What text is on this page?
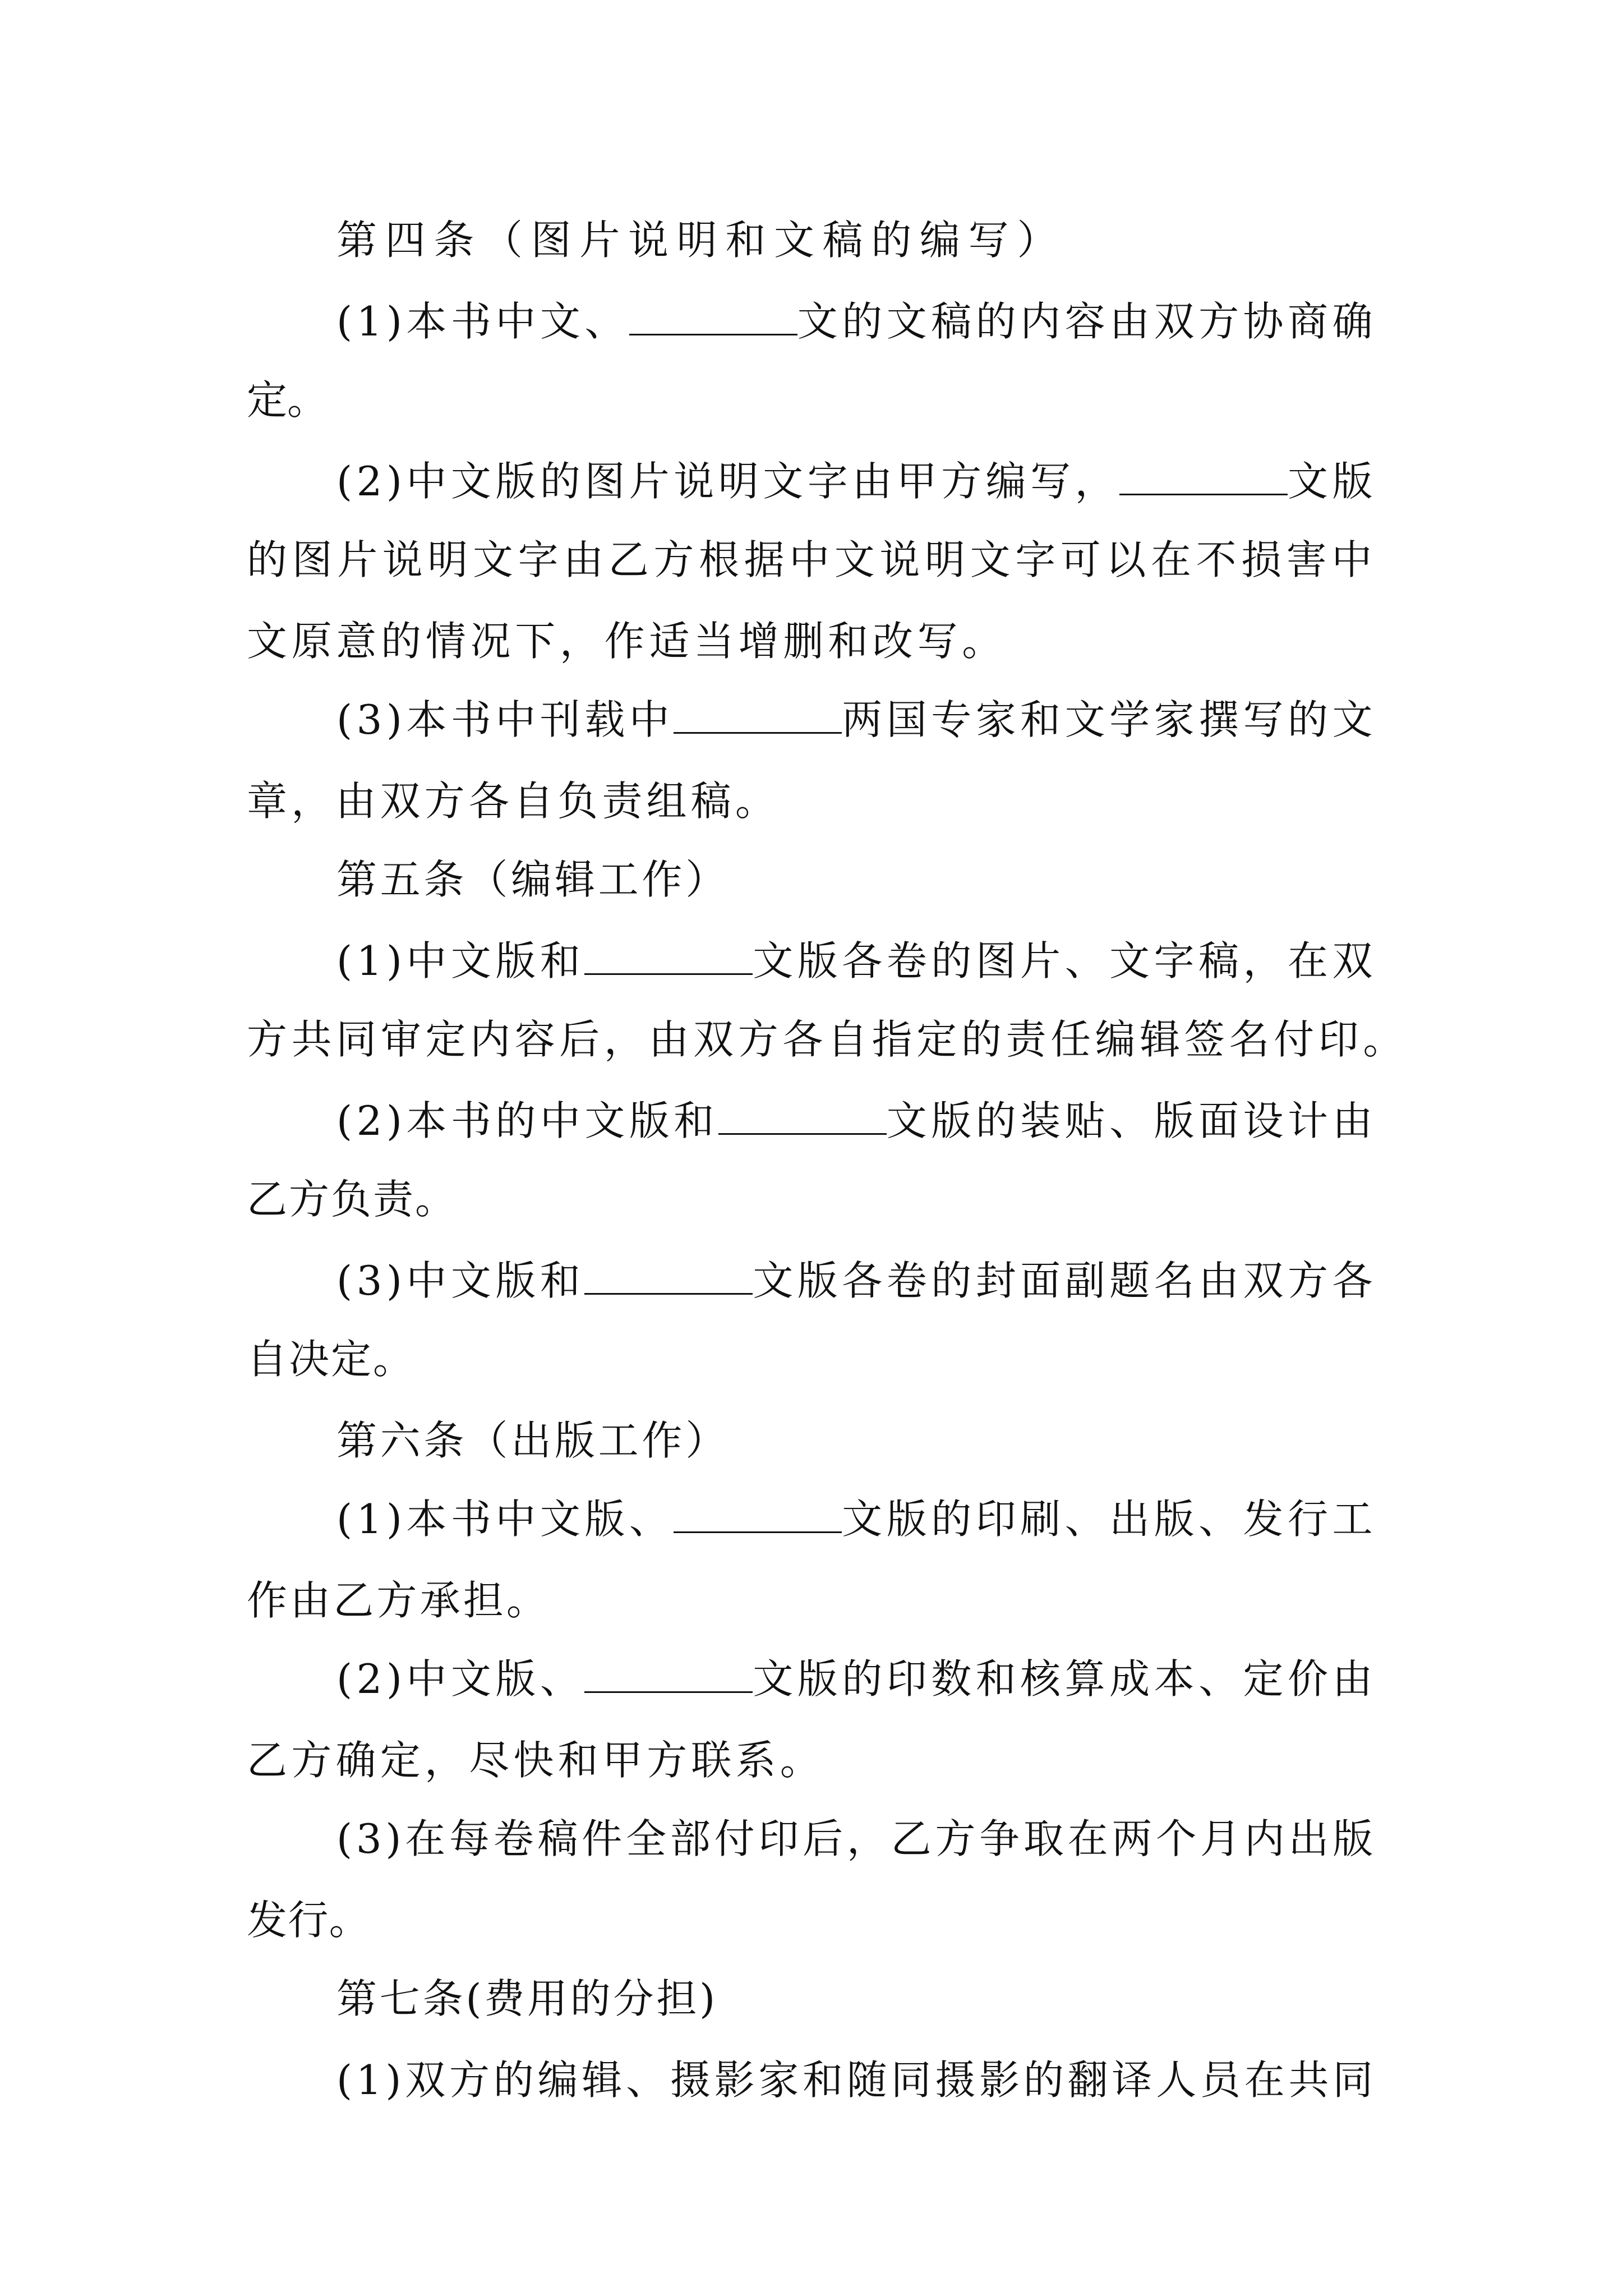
第四条（图片说明和文稿的编写）
(1)本书中文、	文的文稿的内容由双方协商确
定。
(2)中文版的图片说明文字由甲方编写，	文版
的图片说明文字由乙方根据中文说明文字可以在不损害中
文原意的情况下，作适当增删和改写。
(3)本书中刊载中	两国专家和文学家撰写的文
章，由双方各自负责组稿。
第五条（编辑工作）
(1)中文版和	文版各卷的图片、文字稿，在双
方共同审定内容后，由双方各自指定的责任编辑签名付印。
(2)本书的中文版和	文版的装贴、版面设计由
乙方负责。
(3)中文版和	文版各卷的封面副题名由双方各
自决定。
第六条（出版工作）
(1)本书中文版、	文版的印刷、出版、发行工
作由乙方承担。
(2)中文版、	文版的印数和核算成本、定价由
乙方确定，尽快和甲方联系。
(3)在每卷稿件全部付印后，乙方争取在两个月内出版
发行。
第七条(费用的分担)
(1)双方的编辑、摄影家和随同摄影的翻译人员在共同
